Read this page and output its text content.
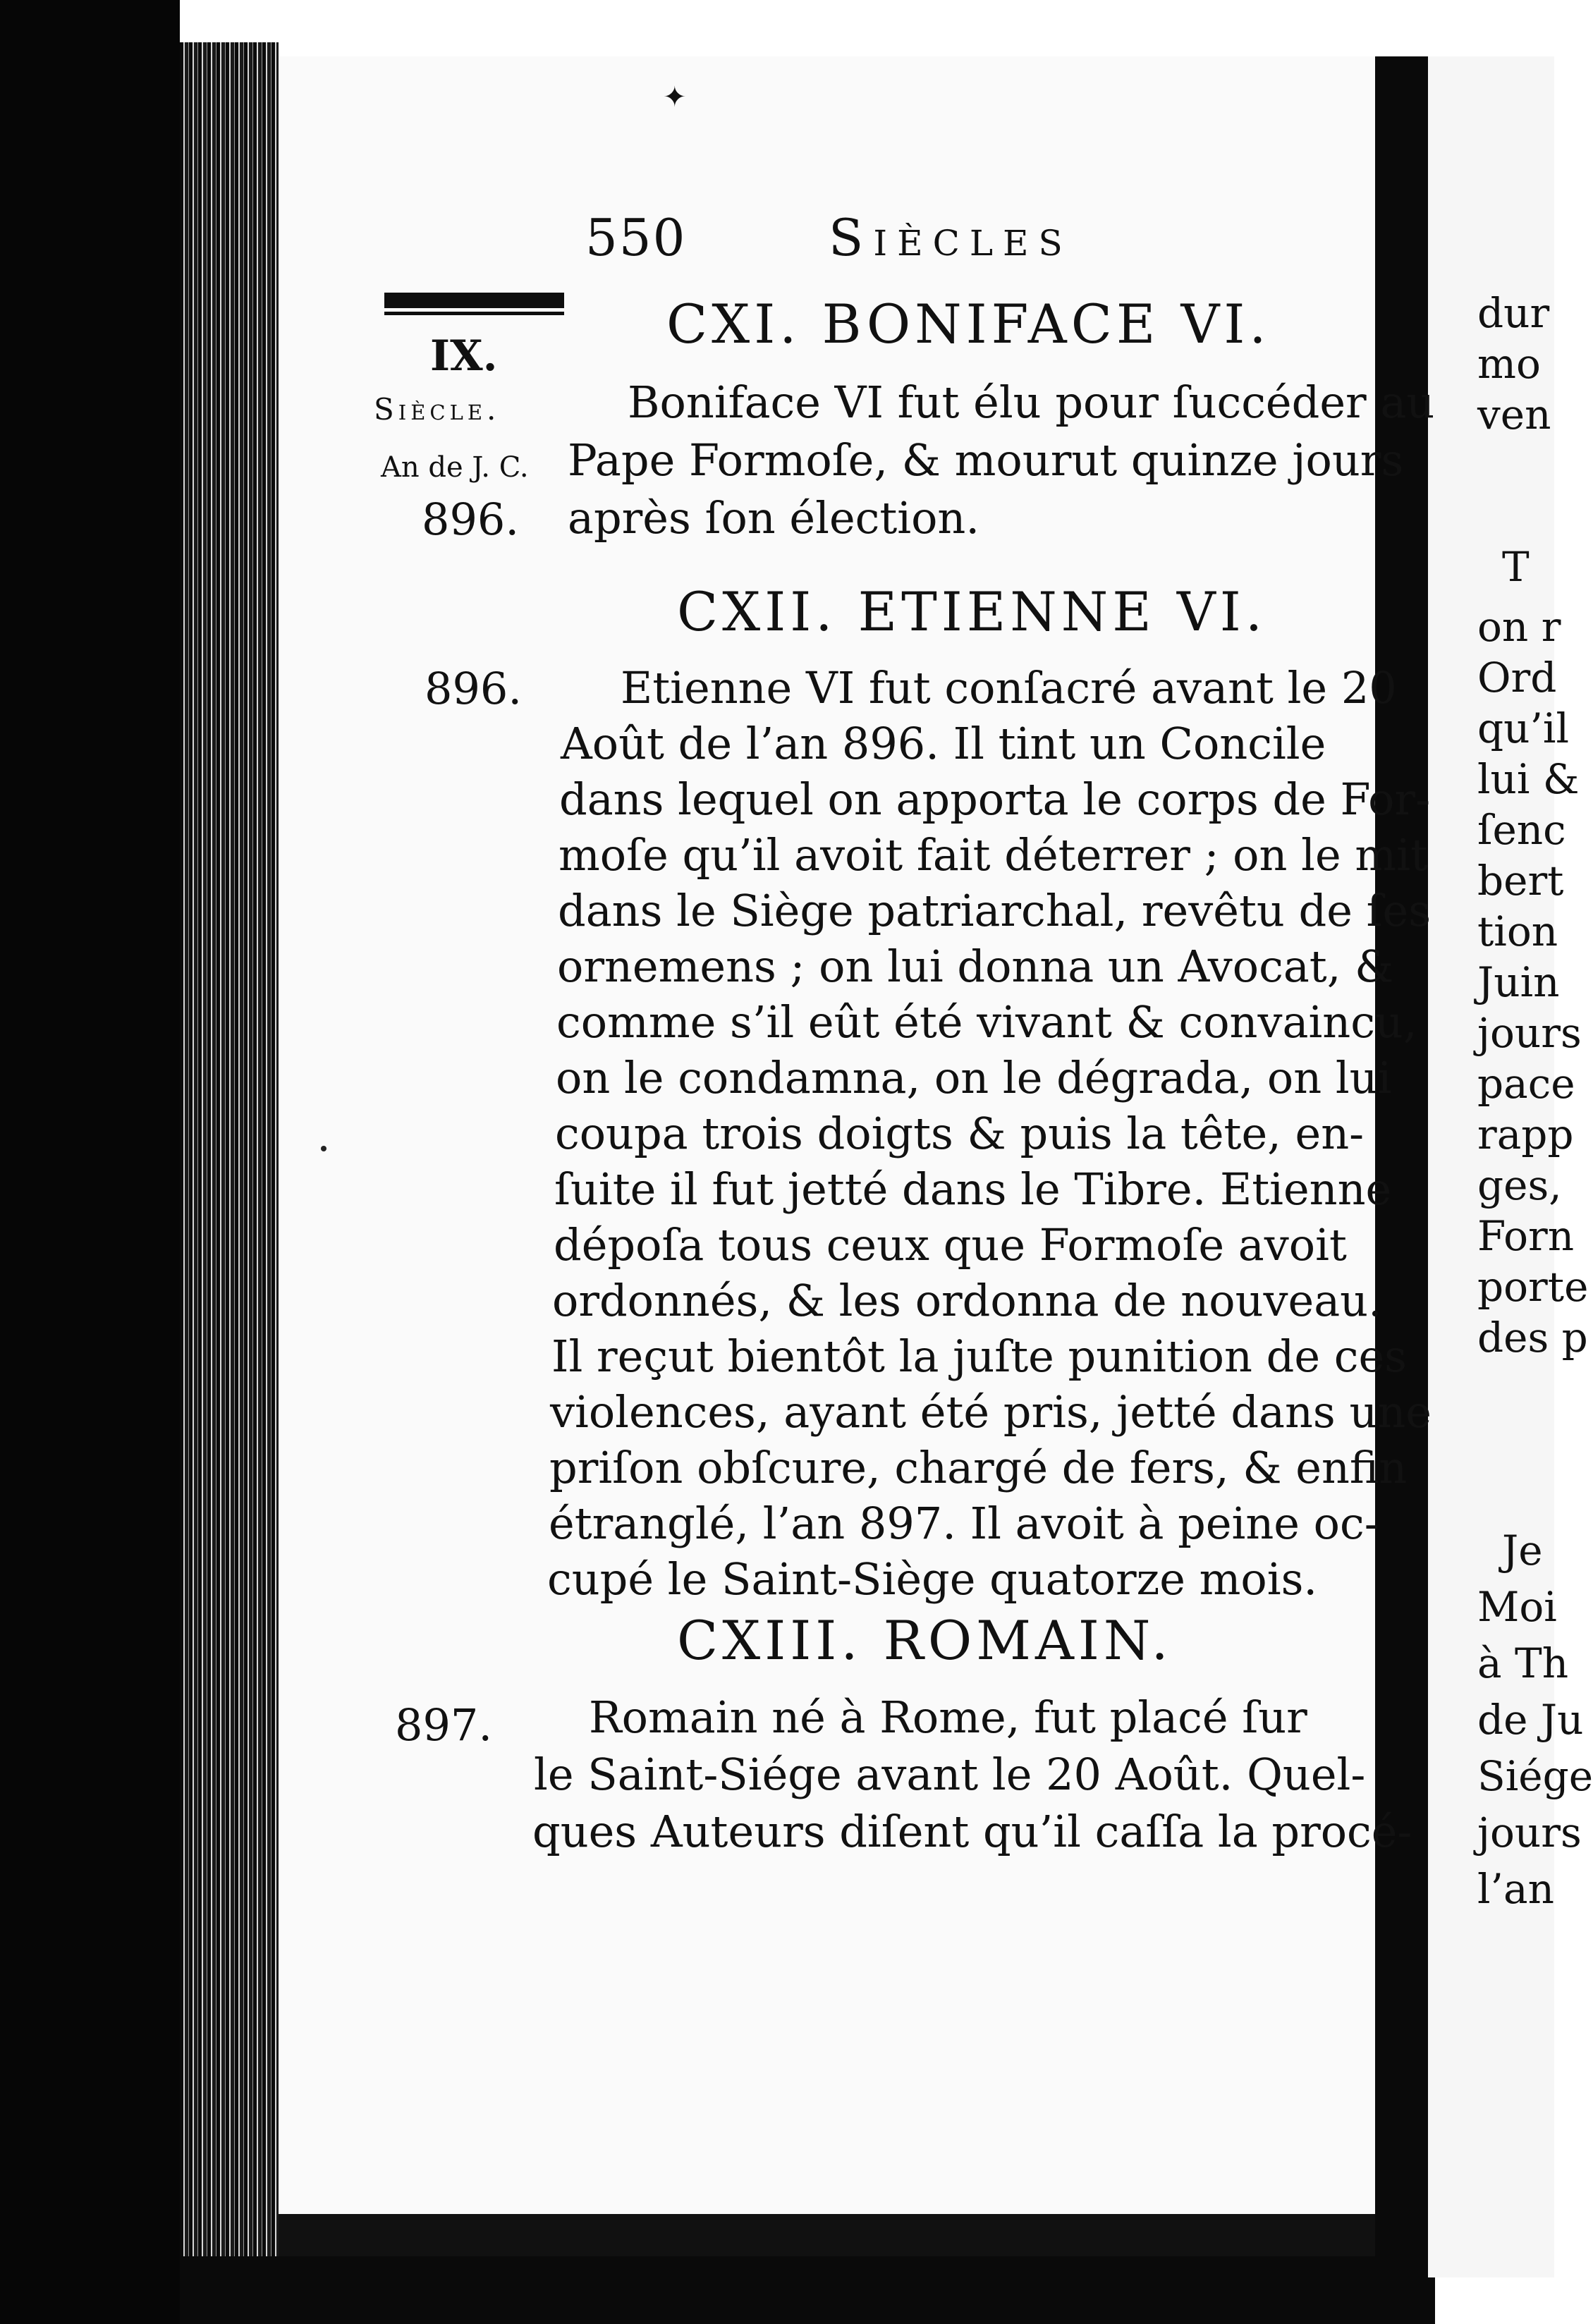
✦
550	Siècles
IX.
Siècle.
An de J. C.
896.
896.
897.
CXI. BONIFACE VI.
Boniface VI fut élu pour ſuccéder au
Pape Formoſe, & mourut quinze jours
après ſon élection.
CXII. ETIENNE VI.
Etienne VI fut conſacré avant le 20
Août de l’an 896. Il tint un Concile
dans lequel on apporta le corps de For-
moſe qu’il avoit fait déterrer ; on le mit
dans le Siège patriarchal, revêtu de ſes
ornemens ; on lui donna un Avocat, &
comme s’il eût été vivant & convaincu,
on le condamna, on le dégrada, on lui
coupa trois doigts & puis la tête, en-
ſuite il fut jetté dans le Tibre. Etienne
dépoſa tous ceux que Formoſe avoit
ordonnés, & les ordonna de nouveau.
Il reçut bientôt la juſte punition de ces
violences, ayant été pris, jetté dans une
priſon obſcure, chargé de fers, & enfin
étranglé, l’an 897. Il avoit à peine oc-
cupé le Saint-Siège quatorze mois.
CXIII. ROMAIN.
Romain né à Rome, fut placé ſur
le Saint-Siége avant le 20 Août. Quel-
ques Auteurs diſent qu’il caſſa la procé-
dur
mo
ven
T
on r
Ord
qu’il
lui &
ſenc
bert
tion
Juin
jours
pace
rapp
ges,
Forn
porte
des p
Je
Moi
à Th
de Ju
Siége
jours
l’an
